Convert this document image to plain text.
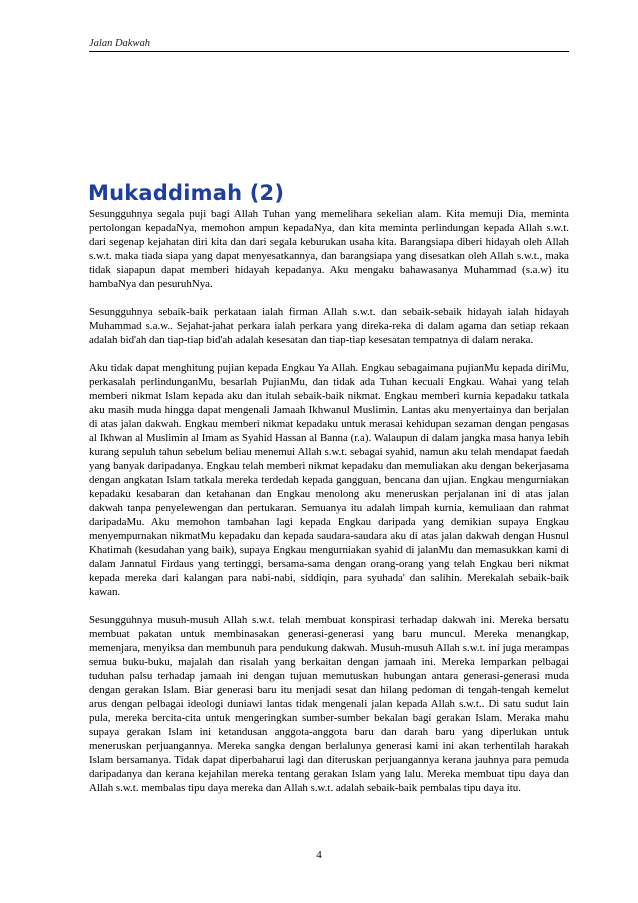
Jalan Dakwah
Mukaddimah (2)

Sesungguhnya segala puji bagi Allah Tuhan yang memelihara sekelian alam. Kita memuji Dia, meminta pertolongan kepadaNya, memohon ampun kepadaNya, dan kita meminta perlindungan kepada Allah s.w.t. dari segenap kejahatan diri kita dan dari segala keburukan usaha kita. Barangsiapa diberi hidayah oleh Allah s.w.t. maka tiada siapa yang dapat menyesatkannya, dan barangsiapa yang disesatkan oleh Allah s.w.t., maka tidak siapapun dapat memberi hidayah kepadanya. Aku mengaku bahawasanya Muhammad (s.a.w) itu hambaNya dan pesuruhNya.

Sesungguhnya sebaik-baik perkataan ialah firman Allah s.w.t. dan sebaik-sebaik hidayah ialah hidayah Muhammad s.a.w.. Sejahat-jahat perkara ialah perkara yang direka-reka di dalam agama dan setiap rekaan adalah bid'ah dan tiap-tiap bid'ah adalah kesesatan dan tiap-tiap kesesatan tempatnya di dalam neraka.

Aku tidak dapat menghitung pujian kepada Engkau Ya Allah. Engkau sebagaimana pujianMu kepada diriMu, perkasalah perlindunganMu, besarlah PujianMu, dan tidak ada Tuhan kecuali Engkau. Wahai yang telah memberi nikmat Islam kepada aku dan itulah sebaik-baik nikmat. Engkau memberi kurnia kepadaku tatkala aku masih muda hingga dapat mengenali Jamaah Ikhwanul Muslimin. Lantas aku menyertainya dan berjalan di atas jalan dakwah. Engkau memberi nikmat kepadaku untuk merasai kehidupan sezaman dengan pengasas al Ikhwan al Muslimin al Imam as Syahid Hassan al Banna (r.a). Walaupun di dalam jangka masa hanya lebih kurang sepuluh tahun sebelum beliau menemui Allah s.w.t. sebagai syahid, namun aku telah mendapat faedah yang banyak daripadanya. Engkau telah memberi nikmat kepadaku dan memuliakan aku dengan bekerjasama dengan angkatan Islam tatkala mereka terdedah kepada gangguan, bencana dan ujian. Engkau mengurniakan kepadaku kesabaran dan ketahanan dan Engkau menolong aku meneruskan perjalanan ini di atas jalan dakwah tanpa penyelewengan dan pertukaran. Semuanya itu adalah limpah kurnia, kemuliaan dan rahmat daripadaMu. Aku memohon tambahan lagi kepada Engkau daripada yang demikian supaya Engkau menyempurnakan nikmatMu kepadaku dan kepada saudara-saudara aku di atas jalan dakwah dengan Husnul Khatimah (kesudahan yang baik), supaya Engkau mengurniakan syahid di jalanMu dan memasukkan kami di dalam Jannatul Firdaus yang tertinggi, bersama-sama dengan orang-orang yang telah Engkau beri nikmat kepada mereka dari kalangan para nabi-nabi, siddiqin, para syuhada' dan salihin. Merekalah sebaik-baik kawan.

Sesungguhnya musuh-musuh Allah s.w.t. telah membuat konspirasi terhadap dakwah ini. Mereka bersatu membuat pakatan untuk membinasakan generasi-generasi yang baru muncul. Mereka menangkap, memenjara, menyiksa dan membunuh para pendukung dakwah. Musuh-musuh Allah s.w.t. ini juga merampas semua buku-buku, majalah dan risalah yang berkaitan dengan jamaah ini. Mereka lemparkan pelbagai tuduhan palsu terhadap jamaah ini dengan tujuan memutuskan hubungan antara generasi-generasi muda dengan gerakan Islam. Biar generasi baru itu menjadi sesat dan hilang pedoman di tengah-tengah kemelut arus dengan pelbagai ideologi duniawi lantas tidak mengenali jalan kepada Allah s.w.t.. Di satu sudut lain pula, mereka bercita-cita untuk mengeringkan sumber-sumber bekalan bagi gerakan Islam. Meraka mahu supaya gerakan Islam ini ketandusan anggota-anggota baru dan darah baru yang diperlukan untuk meneruskan perjuangannya. Mereka sangka dengan berlalunya generasi kami ini akan terhentilah harakah Islam bersamanya. Tidak dapat diperbaharui lagi dan diteruskan perjuangannya kerana jauhnya para pemuda daripadanya dan kerana kejahilan mereka tentang gerakan Islam yang lalu. Mereka membuat tipu daya dan Allah s.w.t. membalas tipu daya mereka dan Allah s.w.t. adalah sebaik-baik pembalas tipu daya itu.

4
